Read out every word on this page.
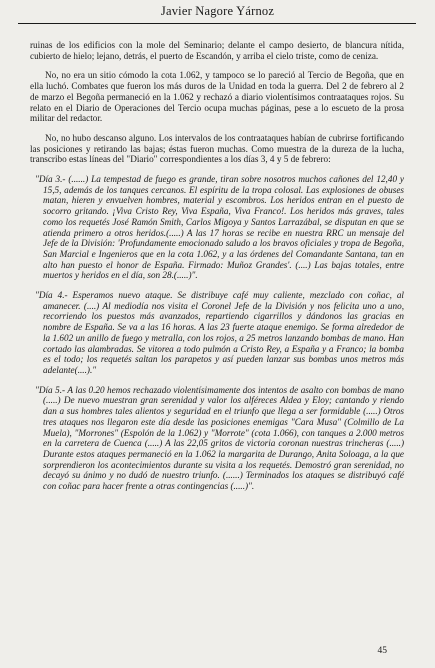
Javier Nagore Yárnoz

ruinas de los edificios con la mole del Seminario; delante el campo desierto, de blancura nítida, cubierto de hielo; lejano, detrás, el puerto de Escandón, y arriba el cielo triste, como de ceniza.

No, no era un sitio cómodo la cota 1.062, y tampoco se lo pareció al Tercio de Begoña, que en ella luchó. Combates que fueron los más duros de la Unidad en toda la guerra. Del 2 de febrero al 2 de marzo el Begoña permaneció en la 1.062 y rechazó a diario violentísimos contraataques rojos. Su relato en el Diario de Operaciones del Tercio ocupa muchas páginas, pese a lo escueto de la prosa militar del redactor.

No, no hubo descanso alguno. Los intervalos de los contraataques habían de cubrirse fortificando las posiciones y retirando las bajas; éstas fueron muchas. Como muestra de la dureza de la lucha, transcribo estas líneas del "Diario" correspondientes a los días 3, 4 y 5 de febrero:

"Día 3.- (......) La tempestad de fuego es grande, tiran sobre nosotros muchos cañones del 12,40 y 15,5, además de los tanques cercanos. El espíritu de la tropa colosal. Las explosiones de obuses matan, hieren y envuelven hombres, material y escombros. Los heridos entran en el puesto de socorro gritando. ¡Viva Cristo Rey, Viva España, Viva Franco!. Los heridos más graves, tales como los requetés José Ramón Smith, Carlos Migoya y Santos Larrazábal, se disputan en que se atienda primero a otros heridos.(.....) A las 17 horas se recibe en nuestra RRC un mensaje del Jefe de la División: 'Profundamente emocionado saludo a los bravos oficiales y tropa de Begoña, San Marcial e Ingenieros que en la cota 1.062, y a las órdenes del Comandante Santana, tan en alto han puesto el honor de España. Firmado: Muñoz Grandes'. (....) Las bajas totales, entre muertos y heridos en el día, son 28.(.....)".
"Día 4.- Esperamos nuevo ataque. Se distribuye café muy caliente, mezclado con coñac, al amanecer. (....) Al mediodía nos visita el Coronel Jefe de la División y nos felicita uno a uno, recorriendo los puestos más avanzados, repartiendo cigarrillos y dándonos las gracias en nombre de España. Se va a las 16 horas. A las 23 fuerte ataque enemigo. Se forma alrededor de la 1.602 un anillo de fuego y metralla, con los rojos, a 25 metros lanzando bombas de mano. Han cortado las alambradas. Se vitorea a todo pulmón a Cristo Rey, a España y a Franco; la bomba es el todo; los requetés saltan los parapetos y así pueden lanzar sus bombas unos metros más adelante(....)."
"Día 5.- A las 0.20 hemos rechazado violentísimamente dos intentos de asalto con bombas de mano (.....) De nuevo muestran gran serenidad y valor los alféreces Aldea y Eloy; cantando y riendo dan a sus hombres tales alientos y seguridad en el triunfo que llega a ser formidable (.....) Otros tres ataques nos llegaron este día desde las posiciones enemigas "Cara Musa" (Colmillo de La Muela), "Morrones" (Espolón de la 1.062) y "Morrote" (cota 1.066), con tanques a 2.000 metros en la carretera de Cuenca (.....) A las 22,05 gritos de victoria coronan nuestras trincheras (.....) Durante estos ataques permaneció en la 1.062 la margarita de Durango, Anita Soloaga, a la que sorprendieron los acontecimientos durante su visita a los requetés. Demostró gran serenidad, no decayó su ánimo y no dudó de nuestro triunfo. (......) Terminados los ataques se distribuyó café con coñac para hacer frente a otras contingencias (.....)".
45
